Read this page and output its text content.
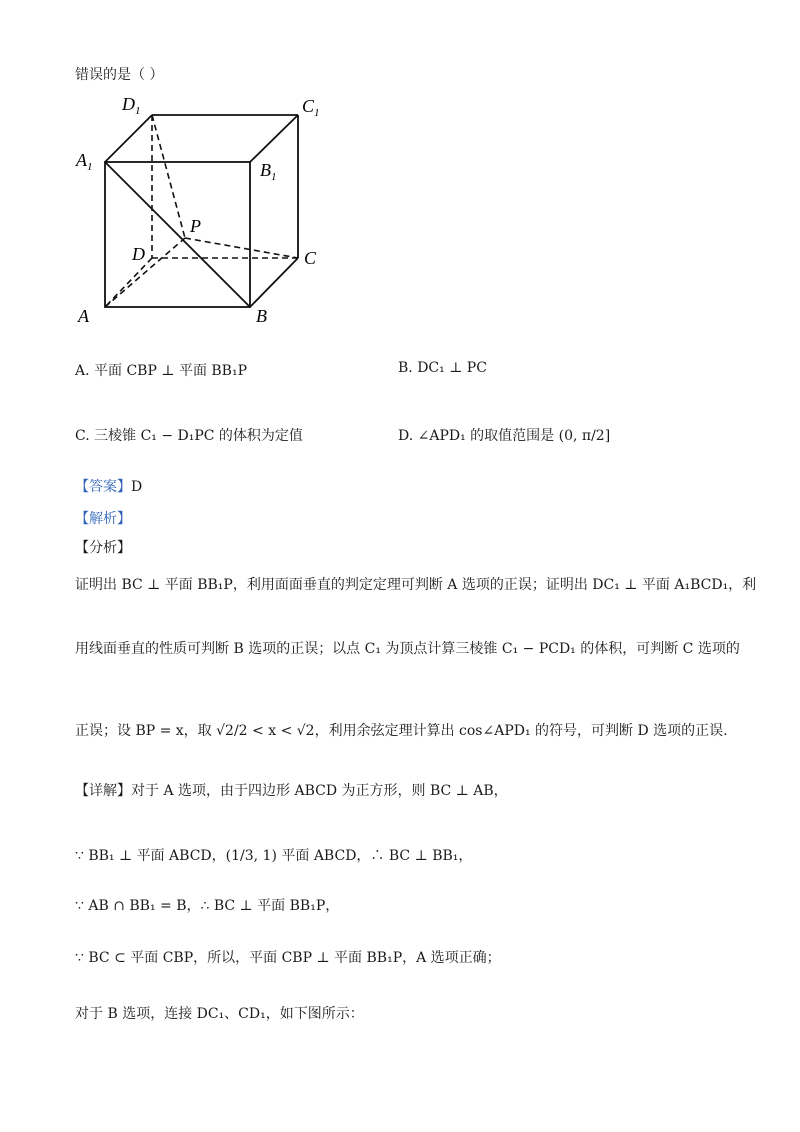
错误的是（ ）
$D_1$	$C_1$
$A_1$	$B_1$
P
D	C
A	B
A. 平面 CBP ⊥ 平面 BB₁P	B. DC₁ ⊥ PC
C. 三棱锥 C₁ − D₁PC 的体积为定值	D. ∠APD₁ 的取值范围是 (0, π/2]
【答案】D
【解析】
【分析】
证明出 BC ⊥ 平面 BB₁P，利用面面垂直的判定定理可判断 A 选项的正误；证明出 DC₁ ⊥ 平面 A₁BCD₁，利
用线面垂直的性质可判断 B 选项的正误；以点 C₁ 为顶点计算三棱锥 C₁ − PCD₁ 的体积，可判断 C 选项的
正误；设 BP = x，取 √2/2 < x < √2，利用余弦定理计算出 cos∠APD₁ 的符号，可判断 D 选项的正误.
【详解】对于 A 选项，由于四边形 ABCD 为正方形，则 BC ⊥ AB，
∵ BB₁ ⊥ 平面 ABCD，(1/3, 1) 平面 ABCD，∴ BC ⊥ BB₁，
∵ AB ∩ BB₁ = B，∴ BC ⊥ 平面 BB₁P，
∵ BC ⊂ 平面 CBP，所以，平面 CBP ⊥ 平面 BB₁P，A 选项正确；
对于 B 选项，连接 DC₁、CD₁，如下图所示：
